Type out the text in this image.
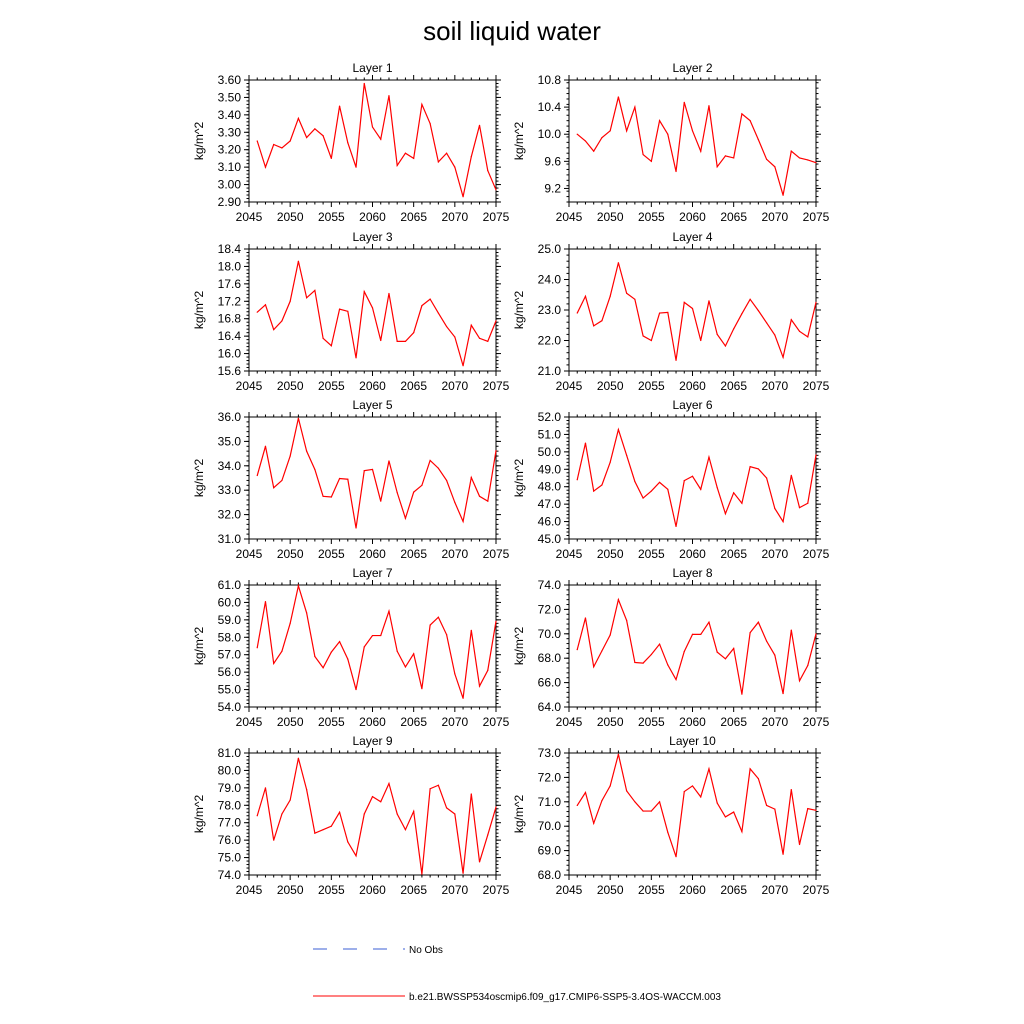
soil liquid water
Layer 1
kg/m^2
2045 2050 2055 2060 2065 2070 2075
2.90
3.00
3.10
3.20
3.30
3.40
3.50
3.60
Layer 2
kg/m^2
2045 2050 2055 2060 2065 2070 2075
9.2
9.6
10.0
10.4
10.8
Layer 3
kg/m^2
2045 2050 2055 2060 2065 2070 2075
15.6
16.0
16.4
16.8
17.2
17.6
18.0
18.4
Layer 4
kg/m^2
2045 2050 2055 2060 2065 2070 2075
21.0
22.0
23.0
24.0
25.0
Layer 5
kg/m^2
2045 2050 2055 2060 2065 2070 2075
31.0
32.0
33.0
34.0
35.0
36.0
Layer 6
kg/m^2
2045 2050 2055 2060 2065 2070 2075
45.0
46.0
47.0
48.0
49.0
50.0
51.0
52.0
Layer 7
kg/m^2
2045 2050 2055 2060 2065 2070 2075
54.0
55.0
56.0
57.0
58.0
59.0
60.0
61.0
Layer 8
kg/m^2
2045 2050 2055 2060 2065 2070 2075
64.0
66.0
68.0
70.0
72.0
74.0
Layer 9
kg/m^2
2045 2050 2055 2060 2065 2070 2075
74.0
75.0
76.0
77.0
78.0
79.0
80.0
81.0
Layer 10
kg/m^2
2045 2050 2055 2060 2065 2070 2075
68.0
69.0
70.0
71.0
72.0
73.0
No Obs
b.e21.BWSSP534oscmip6.f09_g17.CMIP6-SSP5-3.4OS-WACCM.003
